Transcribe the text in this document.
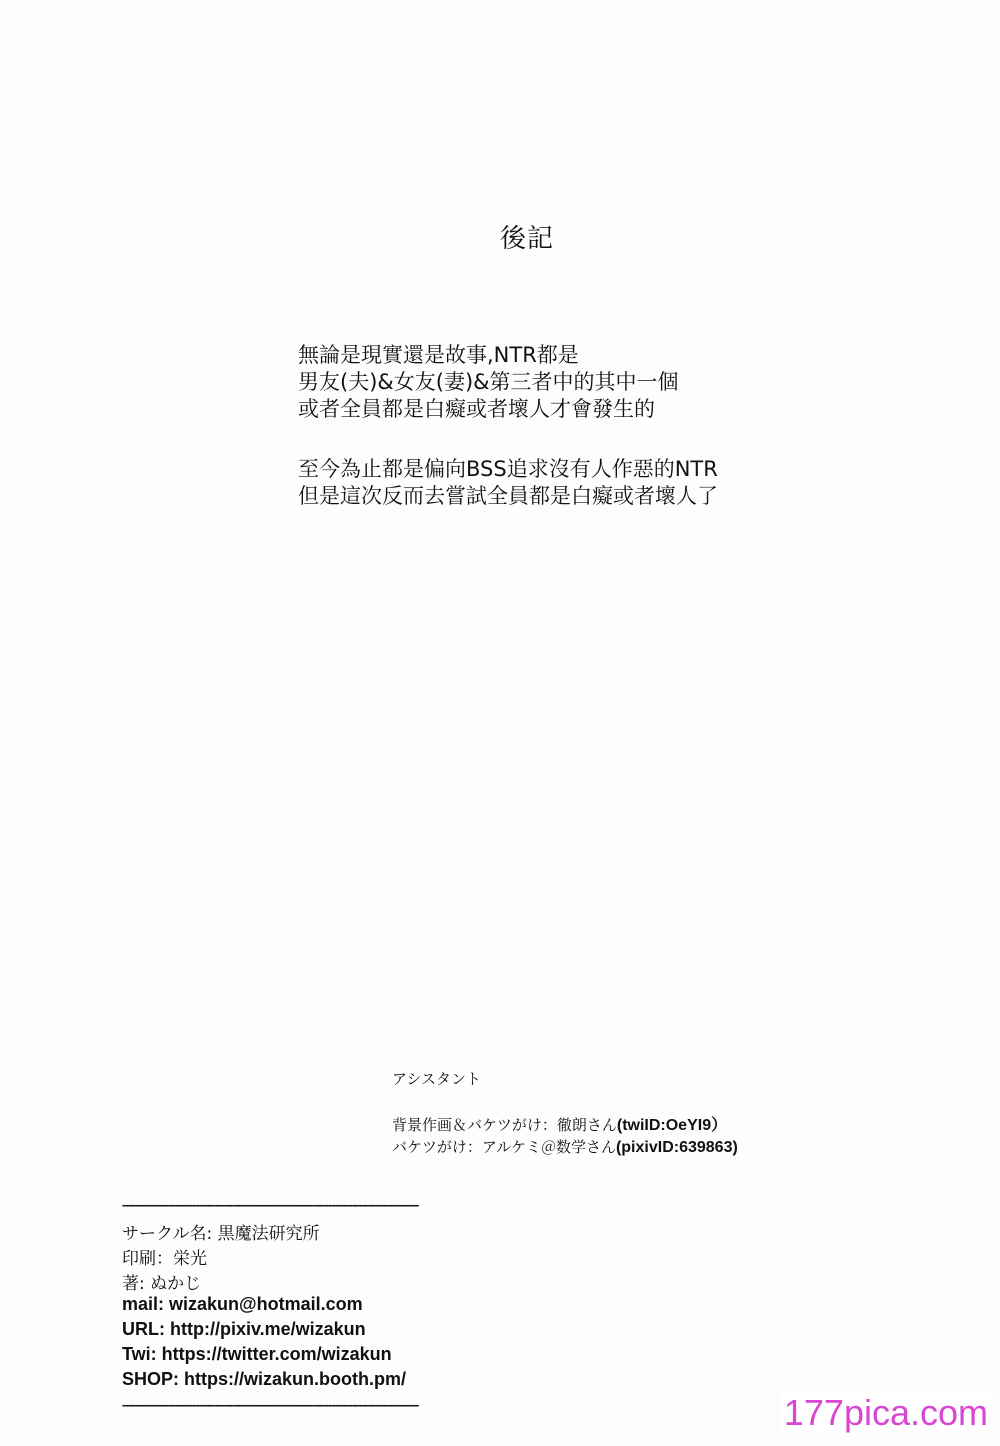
後記
無論是現實還是故事,NTR都是
男友(夫)&女友(妻)&第三者中的其中一個
或者全員都是白癡或者壞人才會發生的
至今為止都是偏向BSS追求沒有人作惡的NTR
但是這次反而去嘗試全員都是白癡或者壞人了
アシスタント
背景作画＆バケツがけ：徹朗さん(twiID:OeYI9）
バケツがけ：アルケミ＠数学さん(pixivID:639863)
-----------------------------------------------------------------------------------------
サークル名: 黒魔法研究所
印刷：栄光
著: ぬかじ
mail: wizakun@hotmail.com
URL: http://pixiv.me/wizakun
Twi: https://twitter.com/wizakun
SHOP: https://wizakun.booth.pm/
-----------------------------------------------------------------------------------------	177pica.com
